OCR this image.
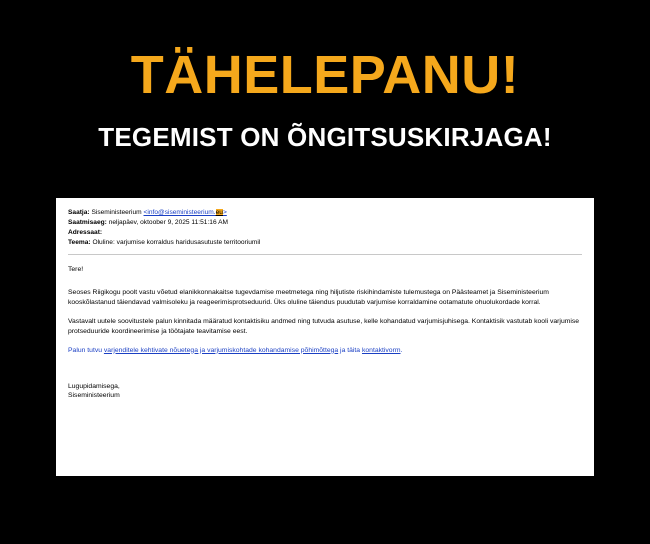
TÄHELEPANU!
TEGEMIST ON ÕNGITSUSKIRJAGA!
Saatja: Siseministeerium <info@siseministeerium.eu>
Saatmisaeg: neljapäev, oktoober 9, 2025 11:51:16 AM
Adressaat:
Teema: Oluline: varjumise korraldus haridusasutuste territooriumil

Tere!

Seoses Riigikogu poolt vastu võetud elanikkonnakaitse tugevdamise meetmetega ning hiljutiste riskihindamiste tulemustega on Päästeamet ja Siseministeerium kooskõlastanud täiendavad valmisoleku ja reageerimisprotseduurid. Üks oluline täiendus puudutab varjumise korraldamine ootamatute ohuolukordade korral.

Vastavalt uutele soovitustele palun kinnitada määratud kontaktisiku andmed ning tutvuda asutuse, kelle kohandatud varjumisjuhisega. Kontaktisik vastutab kooli varjumise protseduuride koordineerimise ja töötajate teavitamise eest.

Palun tutvu varjenditele kehtivate nõuetega ja varjumiskohtade kohandamise põhimõttega ja täita kontaktivorm.

Lugupidamisega,

Siseministeerium
